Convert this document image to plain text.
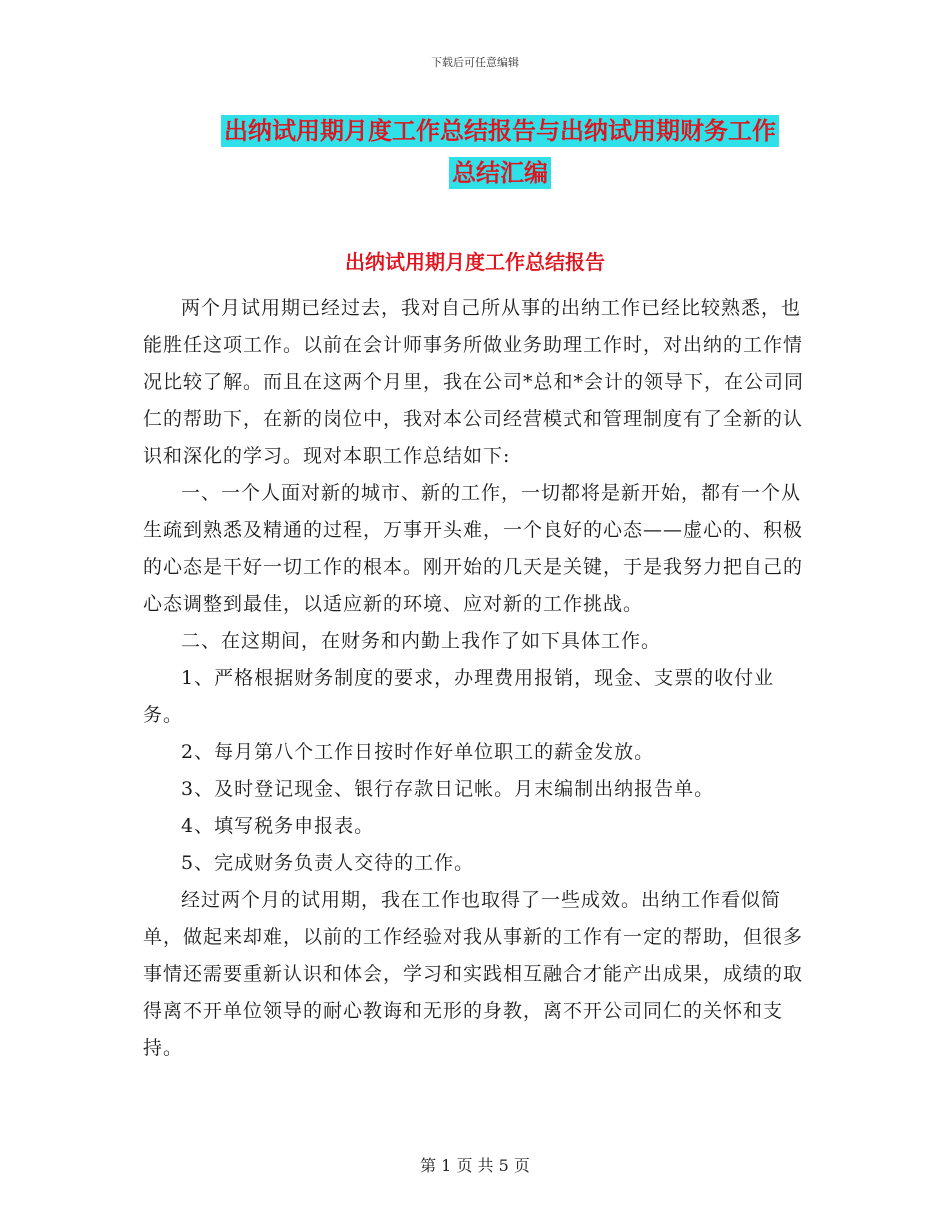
下载后可任意编辑
出纳试用期月度工作总结报告与出纳试用期财务工作
总结汇编
出纳试用期月度工作总结报告

两个月试用期已经过去，我对自己所从事的出纳工作已经比较熟悉，也能胜任这项工作。以前在会计师事务所做业务助理工作时，对出纳的工作情况比较了解。而且在这两个月里，我在公司*总和*会计的领导下，在公司同仁的帮助下，在新的岗位中，我对本公司经营模式和管理制度有了全新的认识和深化的学习。现对本职工作总结如下:

一、一个人面对新的城市、新的工作，一切都将是新开始，都有一个从生疏到熟悉及精通的过程，万事开头难，一个良好的心态——虚心的、积极的心态是干好一切工作的根本。刚开始的几天是关键，于是我努力把自己的心态调整到最佳，以适应新的环境、应对新的工作挑战。

二、在这期间，在财务和内勤上我作了如下具体工作。

1、严格根据财务制度的要求，办理费用报销，现金、支票的收付业务。

2、每月第八个工作日按时作好单位职工的薪金发放。

3、及时登记现金、银行存款日记帐。月末编制出纳报告单。

4、填写税务申报表。

5、完成财务负责人交待的工作。

经过两个月的试用期，我在工作也取得了一些成效。出纳工作看似简单，做起来却难，以前的工作经验对我从事新的工作有一定的帮助，但很多事情还需要重新认识和体会，学习和实践相互融合才能产出成果，成绩的取得离不开单位领导的耐心教诲和无形的身教，离不开公司同仁的关怀和支持。

第 1 页 共 5 页
